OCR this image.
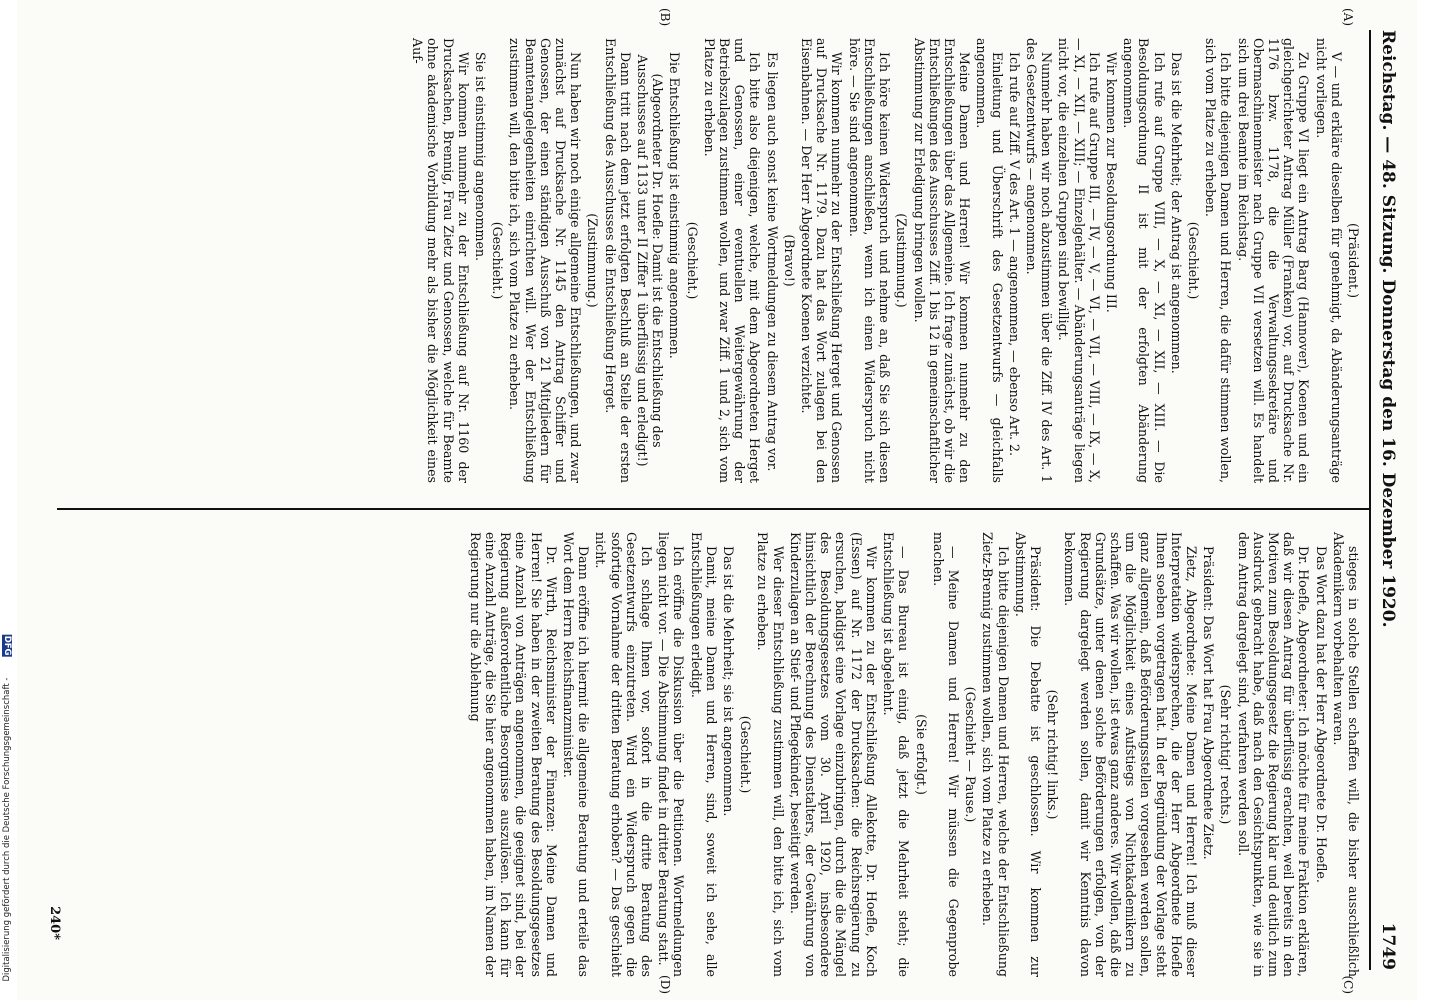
Digitalisierung gefördert durch die Deutsche Forschungsgemeinschaft - DFG
Reichstag. — 48. Sitzung. Donnerstag den 16. Dezember 1920.
1749
(A)
(B)
(C)
(D)

(Präsident.)

V — und erkläre dieselben für genehmigt, da Abänderungsanträge nicht vorliegen.

Zu Gruppe VI liegt ein Antrag Barg (Hannover), Koenen und ein gleichgerichteter Antrag Müller (Franken) vor, auf Drucksache Nr. 1176 bzw. 1178, die die Verwaltungssekretäre und Obermaschinenmeister nach Gruppe VII versetzen will. Es handelt sich um drei Beamte im Reichstag.

Ich bitte diejenigen Damen und Herren, die dafür stimmen wollen, sich vom Platze zu erheben.

(Geschieht.)

Das ist die Mehrheit; der Antrag ist angenommen.

Ich rufe auf Gruppe VIII, — X, — XI, — XII, — XIII. — Die Besoldungsordnung II ist mit der erfolgten Abänderung angenommen.

Wir kommen zur Besoldungsordnung III.

Ich rufe auf Gruppe III, — IV, — V, — VI, — VII, — VIII, — IX, — X, — XI, — XII, — XIII; — Einzelgehälter. — Abänderungsanträge liegen nicht vor, die einzelnen Gruppen sind bewilligt.

Nunmehr haben wir noch abzustimmen über die Ziff. IV des Art. 1 des Gesetzentwurfs — angenommen.

Ich rufe auf Ziff. V des Art. 1 — angenommen, — ebenso Art. 2.

Einleitung und Überschrift des Gesetzentwurfs — gleichfalls angenommen.

Meine Damen und Herren! Wir kommen nunmehr zu den Entschließungen über das Allgemeine. Ich frage zunächst, ob wir die Entschließungen des Ausschusses Ziff. 1 bis 12 in gemeinschaftlicher Abstimmung zur Erledigung bringen wollen.

(Zustimmung.)

Ich höre keinen Widerspruch und nehme an, daß Sie sich diesen Entschließungen anschließen, wenn ich einen Widerspruch nicht höre. — Sie sind angenommen.

Wir kommen nunmehr zu der Entschließung Herget und Genossen auf Drucksache Nr. 1179. Dazu hat das Wort zulagen bei den Eisenbahnen. — Der Herr Abgeordnete Koenen verzichtet.

(Bravo!)

Es liegen auch sonst keine Wortmeldungen zu diesem Antrag vor.

Ich bitte also diejenigen, welche, mit dem Abgeordneten Herget und Genossen, einer eventuellen Weitergewährung der Betriebszulagen zustimmen wollen, und zwar Ziff. 1 und 2, sich vom Platze zu erheben.

(Geschieht.)

Die Entschließung ist einstimmig angenommen.

(Abgeordneter Dr. Hoefle: Damit ist die Entschließung des Ausschusses auf 1133 unter II Ziffer 1 überflüssig und erledigt!)

Dann tritt nach dem jetzt erfolgten Beschluß an Stelle der ersten Entschließung des Ausschusses die Entschließung Herget.

(Zustimmung.)

Nun haben wir noch einige allgemeine Entschließungen, und zwar zunächst auf Drucksache Nr. 1145 den Antrag Schiffer und Genossen, der einen ständigen Ausschuß von 21 Mitgliedern für Beamtenangelegenheiten einrichten will. Wer der Entschließung zustimmen will, den bitte ich, sich vom Platze zu erheben.

(Geschieht.)

Sie ist einstimmig angenommen.

Wir kommen nunmehr zu der Entschließung auf Nr. 1160 der Drucksachen, Brennig, Frau Zietz und Genossen, welche für Beamte ohne akademische Vorbildung mehr als bisher die Möglichkeit eines Auf-

stieges in solche Stellen schaffen will, die bisher ausschließlich Akademikern vorbehalten waren.

Das Wort dazu hat der Herr Abgeordnete Dr. Hoefle.

Dr. Hoefle, Abgeordneter: Ich möchte für meine Fraktion erklären, daß wir diesen Antrag für überflüssig erachten, weil bereits in den Motiven zum Besoldungsgesetz die Regierung klar und deutlich zum Ausdruck gebracht habe, daß nach den Gesichtspunkten, wie sie in dem Antrag dargelegt sind, verfahren werden soll.

(Sehr richtig! rechts.)

Präsident: Das Wort hat Frau Abgeordnete Zietz.

Zietz, Abgeordnete: Meine Damen und Herren! Ich muß dieser Interpretation widersprechen, die der Herr Abgeordnete Hoefle Ihnen soeben vorgetragen hat. In der Begründung der Vorlage steht ganz allgemein, daß Beförderungsstellen vorgesehen werden sollen, um die Möglichkeit eines Aufstiegs von Nichtakademikern zu schaffen. Was wir wollen, ist etwas ganz anderes. Wir wollen, daß die Grundsätze, unter denen solche Beförderungen erfolgen, von der Regierung dargelegt werden sollen, damit wir Kenntnis davon bekommen.

(Sehr richtig! links.)

Präsident: Die Debatte ist geschlossen. Wir kommen zur Abstimmung.

Ich bitte diejenigen Damen und Herren, welche der Entschließung Zietz-Brennig zustimmen wollen, sich vom Platze zu erheben.

(Geschieht — Pause.)

— Meine Damen und Herren! Wir müssen die Gegenprobe machen.

(Sie erfolgt.)

— Das Bureau ist einig, daß jetzt die Mehrheit steht; die Entschließung ist abgelehnt.

Wir kommen zu der Entschließung Allekotte, Dr. Hoefle, Koch (Essen) auf Nr. 1172 der Drucksachen: die Reichsregierung zu ersuchen, baldigst eine Vorlage einzubringen, durch die die Mängel des Besoldungsgesetzes vom 30. April 1920, insbesondere hinsichtlich der Berechnung des Dienstalters, der Gewährung von Kinderzulagen an Stief- und Pflegekinder, beseitigt werden.

Wer dieser Entschließung zustimmen will, den bitte ich, sich vom Platze zu erheben.

(Geschieht.)

Das ist die Mehrheit; sie ist angenommen.

Damit, meine Damen und Herren, sind, soweit ich sehe, alle Entschließungen erledigt.

Ich eröffne die Diskussion über die Petitionen. Wortmeldungen liegen nicht vor. — Die Abstimmung findet in dritter Beratung statt.

Ich schlage Ihnen vor, sofort in die dritte Beratung des Gesetzentwurfs einzutreten. Wird ein Widerspruch gegen die sofortige Vornahme der dritten Beratung erhoben? — Das geschieht nicht.

Dann eröffne ich hiermit die allgemeine Beratung und erteile das Wort dem Herrn Reichsfinanzminister.

Dr. Wirth, Reichsminister der Finanzen: Meine Damen und Herren! Sie haben in der zweiten Beratung des Besoldungsgesetzes eine Anzahl von Anträgen angenommen, die geeignet sind, bei der Regierung außerordentliche Besorgnisse auszulösen. Ich kann für eine Anzahl Anträge, die Sie hier angenommen haben, im Namen der Regierung nur die Ablehnung

240*
